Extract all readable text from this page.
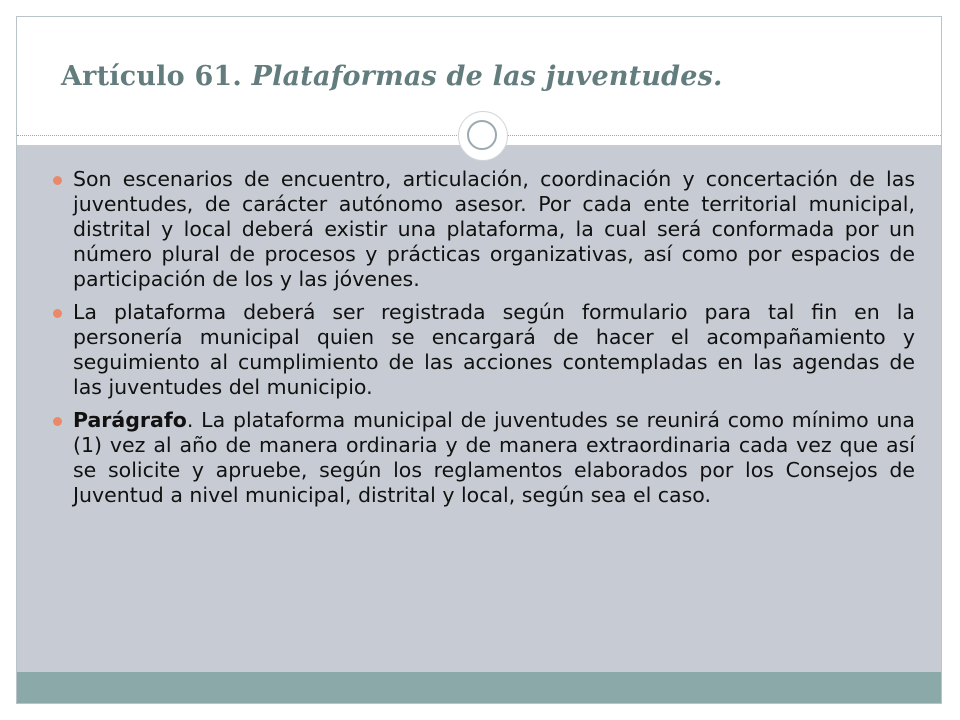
Artículo 61. Plataformas de las juventudes.
Son escenarios de encuentro, articulación, coordinación y concertación de las juventudes, de carácter autónomo asesor. Por cada ente territorial municipal, distrital y local deberá existir una plataforma, la cual será conformada por un número plural de procesos y prácticas organizativas, así como por espacios de participación de los y las jóvenes.
La plataforma deberá ser registrada según formulario para tal fin en la personería municipal quien se encargará de hacer el acompañamiento y seguimiento al cumplimiento de las acciones contempladas en las agendas de las juventudes del municipio.
Parágrafo. La plataforma municipal de juventudes se reunirá como mínimo una (1) vez al año de manera ordinaria y de manera extraordinaria cada vez que así se solicite y apruebe, según los reglamentos elaborados por los Consejos de Juventud a nivel municipal, distrital y local, según sea el caso.
